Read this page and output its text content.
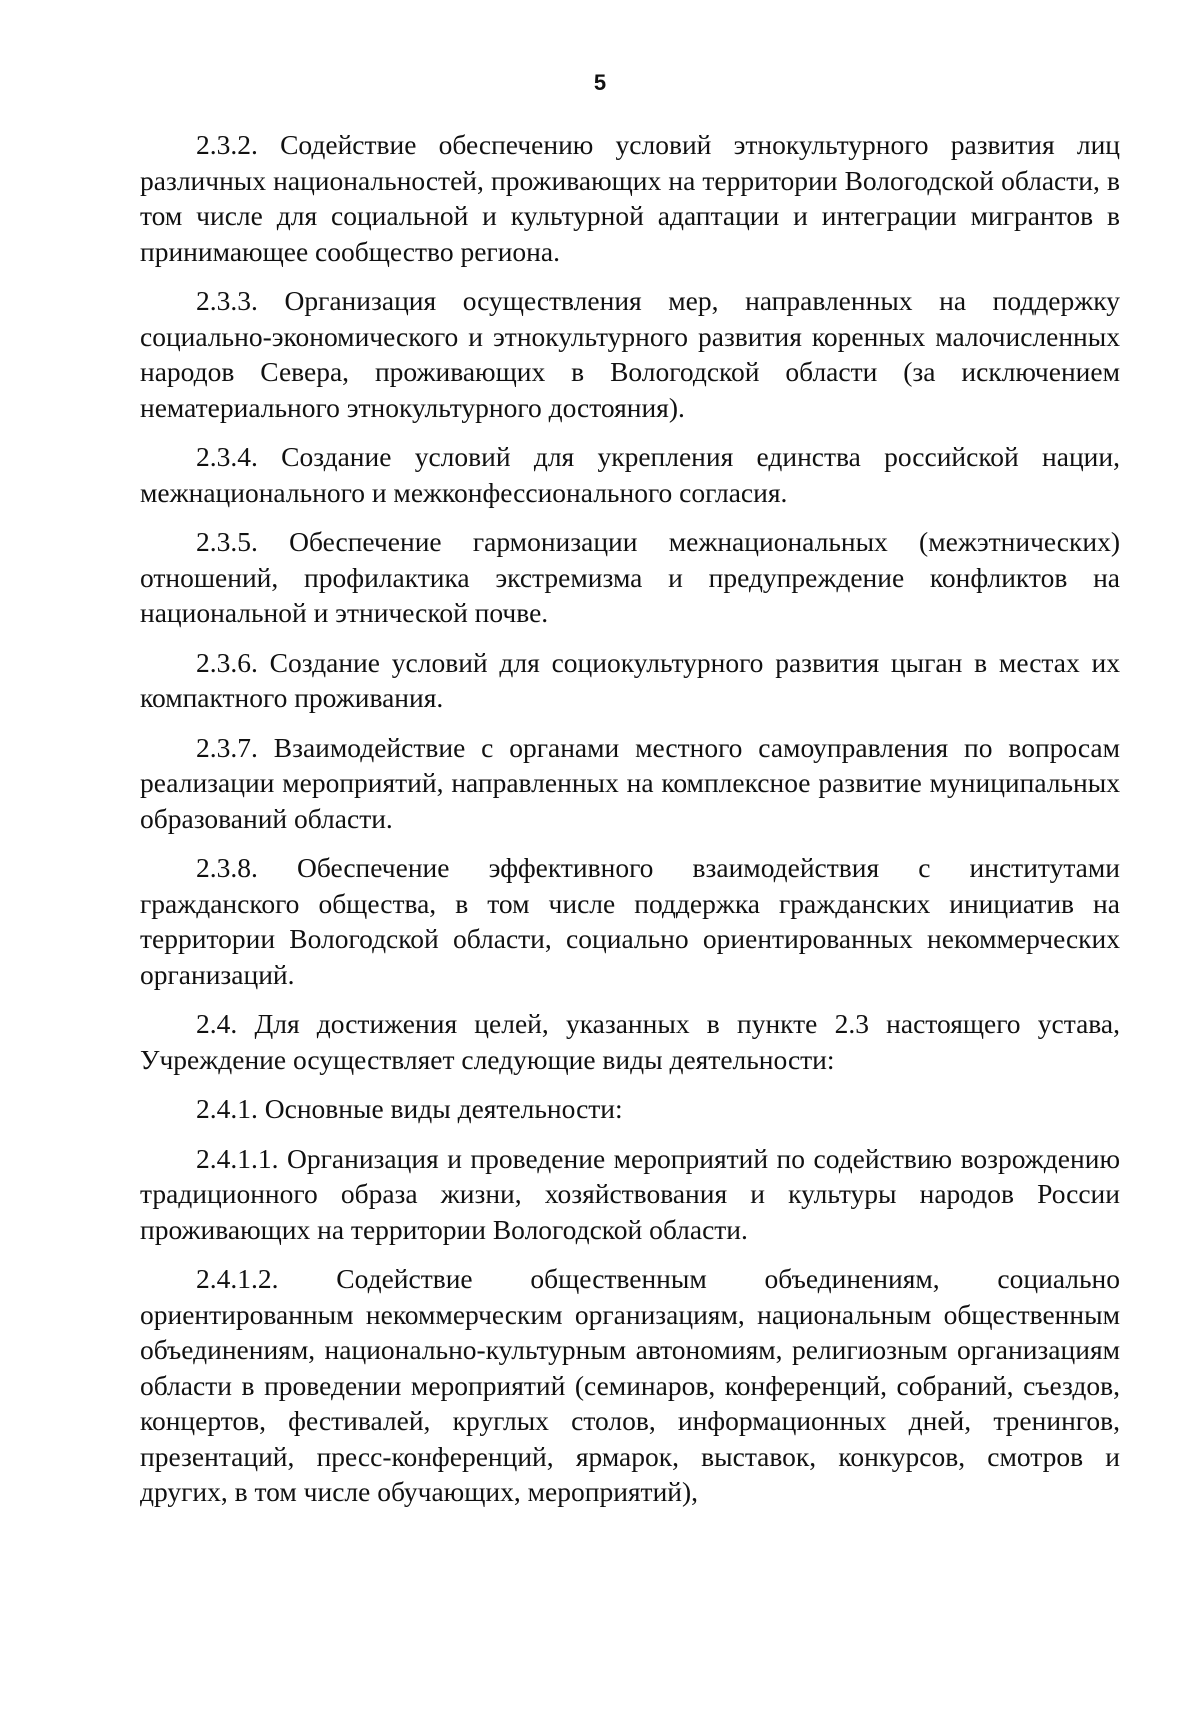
5

2.3.2. Содействие обеспечению условий этнокультурного развития лиц различных национальностей, проживающих на территории Вологодской области, в том числе для социальной и культурной адаптации и интеграции мигрантов в принимающее сообщество региона.

2.3.3. Организация осуществления мер, направленных на поддержку социально-экономического и этнокультурного развития коренных малочисленных народов Севера, проживающих в Вологодской области (за исключением нематериального этнокультурного достояния).

2.3.4. Создание условий для укрепления единства российской нации, межнационального и межконфессионального согласия.

2.3.5. Обеспечение гармонизации межнациональных (межэтнических) отношений, профилактика экстремизма и предупреждение конфликтов на национальной и этнической почве.

2.3.6. Создание условий для социокультурного развития цыган в местах их компактного проживания.

2.3.7. Взаимодействие с органами местного самоуправления по вопросам реализации мероприятий, направленных на комплексное развитие муниципальных образований области.

2.3.8. Обеспечение эффективного взаимодействия с институтами гражданского общества, в том числе поддержка гражданских инициатив на территории Вологодской области, социально ориентированных некоммерческих организаций.

2.4. Для достижения целей, указанных в пункте 2.3 настоящего устава, Учреждение осуществляет следующие виды деятельности:

2.4.1. Основные виды деятельности:

2.4.1.1. Организация и проведение мероприятий по содействию возрождению традиционного образа жизни, хозяйствования и культуры народов России проживающих на территории Вологодской области.

2.4.1.2. Содействие общественным объединениям, социально ориентированным некоммерческим организациям, национальным общественным объединениям, национально-культурным автономиям, религиозным организациям области в проведении мероприятий (семинаров, конференций, собраний, съездов, концертов, фестивалей, круглых столов, информационных дней, тренингов, презентаций, пресс-конференций, ярмарок, выставок, конкурсов, смотров и других, в том числе обучающих, мероприятий),
